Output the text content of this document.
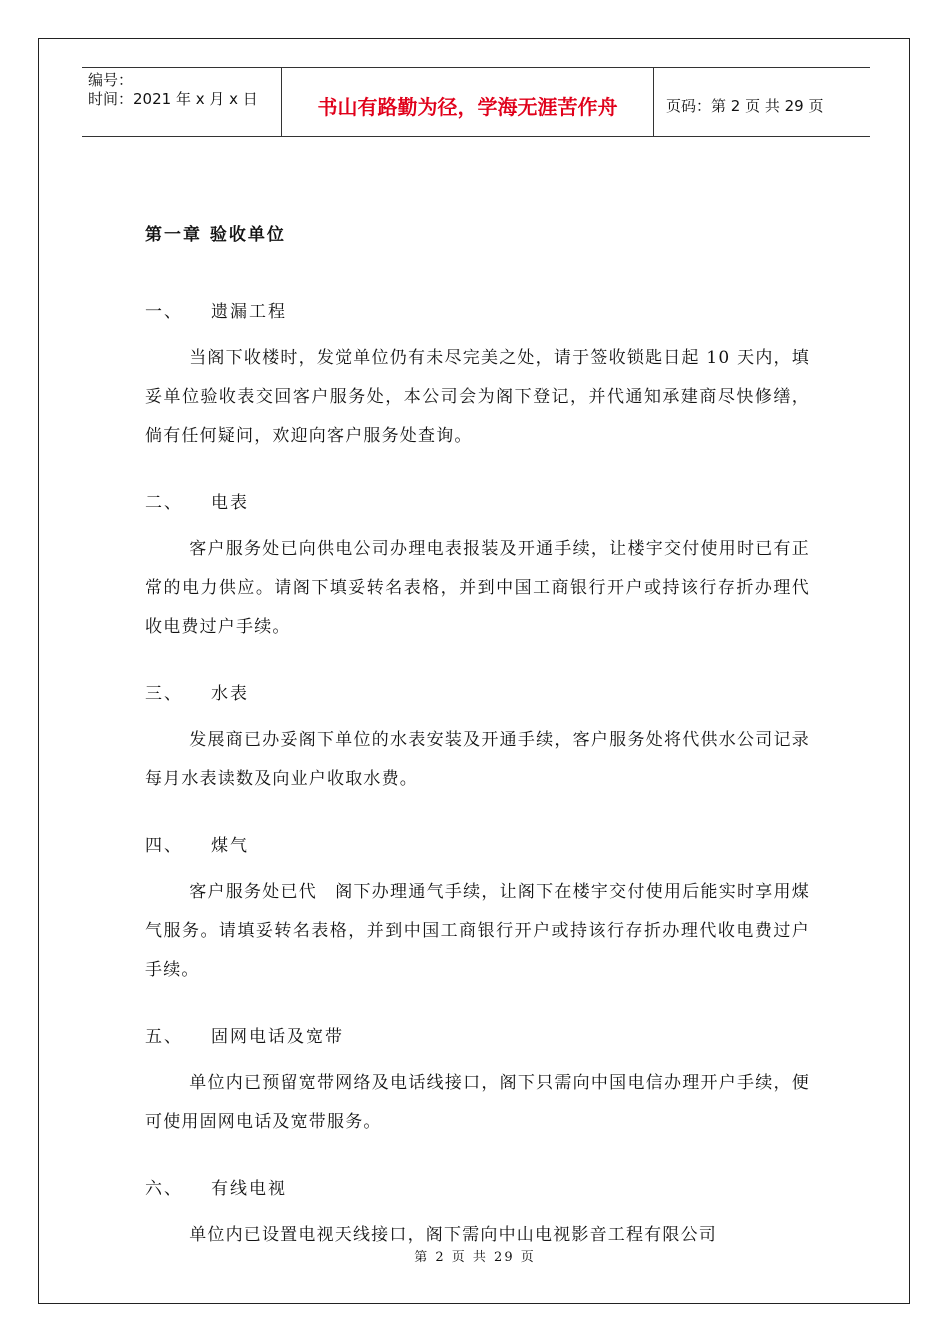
编号：
时间：2021 年 x 月 x 日	书山有路勤为径，学海无涯苦作舟	页码：第 2 页 共 29 页
第一章 验收单位
一、	遗漏工程

当阁下收楼时，发觉单位仍有未尽完美之处，请于签收锁匙日起 10 天内，填妥单位验收表交回客户服务处，本公司会为阁下登记，并代通知承建商尽快修缮，倘有任何疑问，欢迎向客户服务处查询。

二、	电表

客户服务处已向供电公司办理电表报装及开通手续，让楼宇交付使用时已有正常的电力供应。请阁下填妥转名表格，并到中国工商银行开户或持该行存折办理代收电费过户手续。

三、	水表

发展商已办妥阁下单位的水表安装及开通手续，客户服务处将代供水公司记录每月水表读数及向业户收取水费。

四、	煤气

客户服务处已代　阁下办理通气手续，让阁下在楼宇交付使用后能实时享用煤气服务。请填妥转名表格，并到中国工商银行开户或持该行存折办理代收电费过户手续。

五、	固网电话及宽带

单位内已预留宽带网络及电话线接口，阁下只需向中国电信办理开户手续，便可使用固网电话及宽带服务。

六、	有线电视

单位内已设置电视天线接口，阁下需向中山电视影音工程有限公司

第 2 页 共 29 页
